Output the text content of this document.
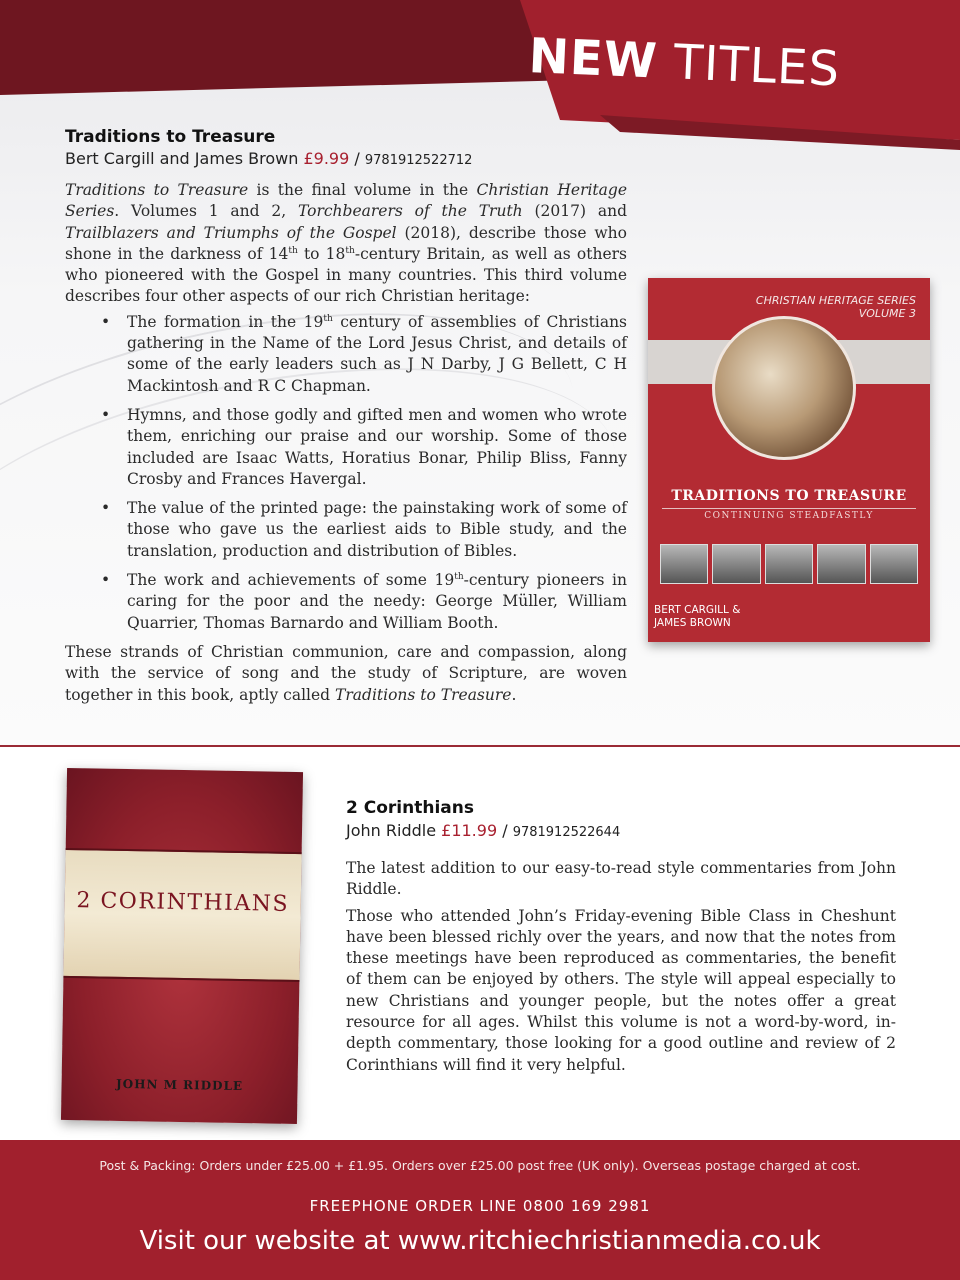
NEW TITLES
Traditions to Treasure
Bert Cargill and James Brown £9.99 / 9781912522712

Traditions to Treasure is the final volume in the Christian Heritage Series. Volumes 1 and 2, Torchbearers of the Truth (2017) and Trailblazers and Triumphs of the Gospel (2018), describe those who shone in the darkness of 14th to 18th-century Britain, as well as others who pioneered with the Gospel in many countries. This third volume describes four other aspects of our rich Christian heritage:

• The formation in the 19th century of assemblies of Christians gathering in the Name of the Lord Jesus Christ, and details of some of the early leaders such as J N Darby, J G Bellett, C H Mackintosh and R C Chapman.
• Hymns, and those godly and gifted men and women who wrote them, enriching our praise and our worship. Some of those included are Isaac Watts, Horatius Bonar, Philip Bliss, Fanny Crosby and Frances Havergal.
• The value of the printed page: the painstaking work of some of those who gave us the earliest aids to Bible study, and the translation, production and distribution of Bibles.
• The work and achievements of some 19th-century pioneers in caring for the poor and the needy: George Müller, William Quarrier, Thomas Barnardo and William Booth.

These strands of Christian communion, care and compassion, along with the service of song and the study of Scripture, are woven together in this book, aptly called Traditions to Treasure.

CHRISTIAN HERITAGE SERIES
VOLUME 3
TRADITIONS TO TREASURE
CONTINUING STEADFASTLY
BERT CARGILL &
JAMES BROWN
2 CORINTHIANS
JOHN M RIDDLE
2 Corinthians
John Riddle £11.99 / 9781912522644

The latest addition to our easy-to-read style commentaries from John Riddle.

Those who attended John’s Friday-evening Bible Class in Cheshunt have been blessed richly over the years, and now that the notes from these meetings have been reproduced as commentaries, the benefit of them can be enjoyed by others. The style will appeal especially to new Christians and younger people, but the notes offer a great resource for all ages. Whilst this volume is not a word-by-word, in-depth commentary, those looking for a good outline and review of 2 Corinthians will find it very helpful.

Post & Packing: Orders under £25.00 + £1.95. Orders over £25.00 post free (UK only). Overseas postage charged at cost.
FREEPHONE ORDER LINE 0800 169 2981
Visit our website at www.ritchiechristianmedia.co.uk
